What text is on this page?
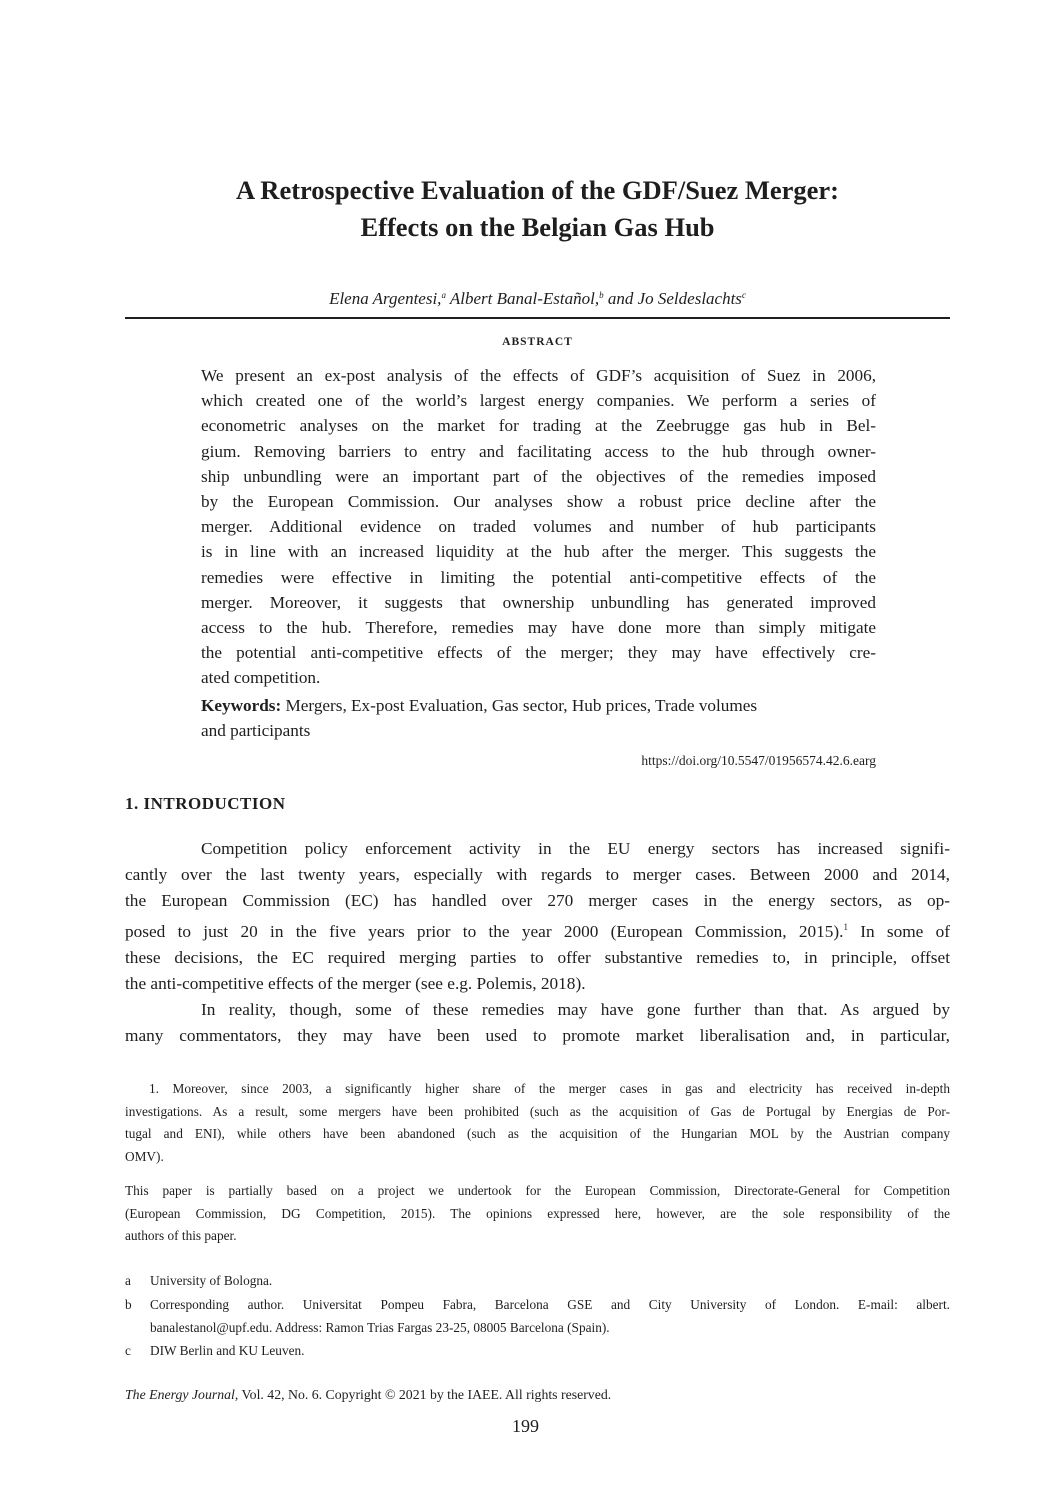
A Retrospective Evaluation of the GDF/Suez Merger:
Effects on the Belgian Gas Hub
Elena Argentesi,$^a$ Albert Banal-Estañol,$^b$ and Jo Seldeslachts$^c$
ABSTRACT
We present an ex-post analysis of the effects of GDF’s acquisition of Suez in 2006,
which created one of the world’s largest energy companies. We perform a series of
econometric analyses on the market for trading at the Zeebrugge gas hub in Bel-
gium. Removing barriers to entry and facilitating access to the hub through owner-
ship unbundling were an important part of the objectives of the remedies imposed
by the European Commission. Our analyses show a robust price decline after the
merger. Additional evidence on traded volumes and number of hub participants
is in line with an increased liquidity at the hub after the merger. This suggests the
remedies were effective in limiting the potential anti-competitive effects of the
merger. Moreover, it suggests that ownership unbundling has generated improved
access to the hub. Therefore, remedies may have done more than simply mitigate
the potential anti-competitive effects of the merger; they may have effectively cre-
ated competition.
Keywords: Mergers, Ex-post Evaluation, Gas sector, Hub prices, Trade volumes
and participants
https://doi.org/10.5547/01956574.42.6.earg
1. INTRODUCTION
Competition policy enforcement activity in the EU energy sectors has increased signifi-
cantly over the last twenty years, especially with regards to merger cases. Between 2000 and 2014,
the European Commission (EC) has handled over 270 merger cases in the energy sectors, as op-
posed to just 20 in the five years prior to the year 2000 (European Commission, 2015).$^1$ In some of
these decisions, the EC required merging parties to offer substantive remedies to, in principle, offset
the anti-competitive effects of the merger (see e.g. Polemis, 2018).
In reality, though, some of these remedies may have gone further than that. As argued by
many commentators, they may have been used to promote market liberalisation and, in particular,
1. Moreover, since 2003, a significantly higher share of the merger cases in gas and electricity has received in-depth
investigations. As a result, some mergers have been prohibited (such as the acquisition of Gas de Portugal by Energias de Por-
tugal and ENI), while others have been abandoned (such as the acquisition of the Hungarian MOL by the Austrian company
OMV).
This paper is partially based on a project we undertook for the European Commission, Directorate-General for Competition
(European Commission, DG Competition, 2015). The opinions expressed here, however, are the sole responsibility of the
authors of this paper.
a University of Bologna.
b Corresponding author. Universitat Pompeu Fabra, Barcelona GSE and City University of London. E-mail: albert.
banalestanol@upf.edu. Address: Ramon Trias Fargas 23-25, 08005 Barcelona (Spain).
c DIW Berlin and KU Leuven.
The Energy Journal, Vol. 42, No. 6. Copyright © 2021 by the IAEE. All rights reserved.
199
